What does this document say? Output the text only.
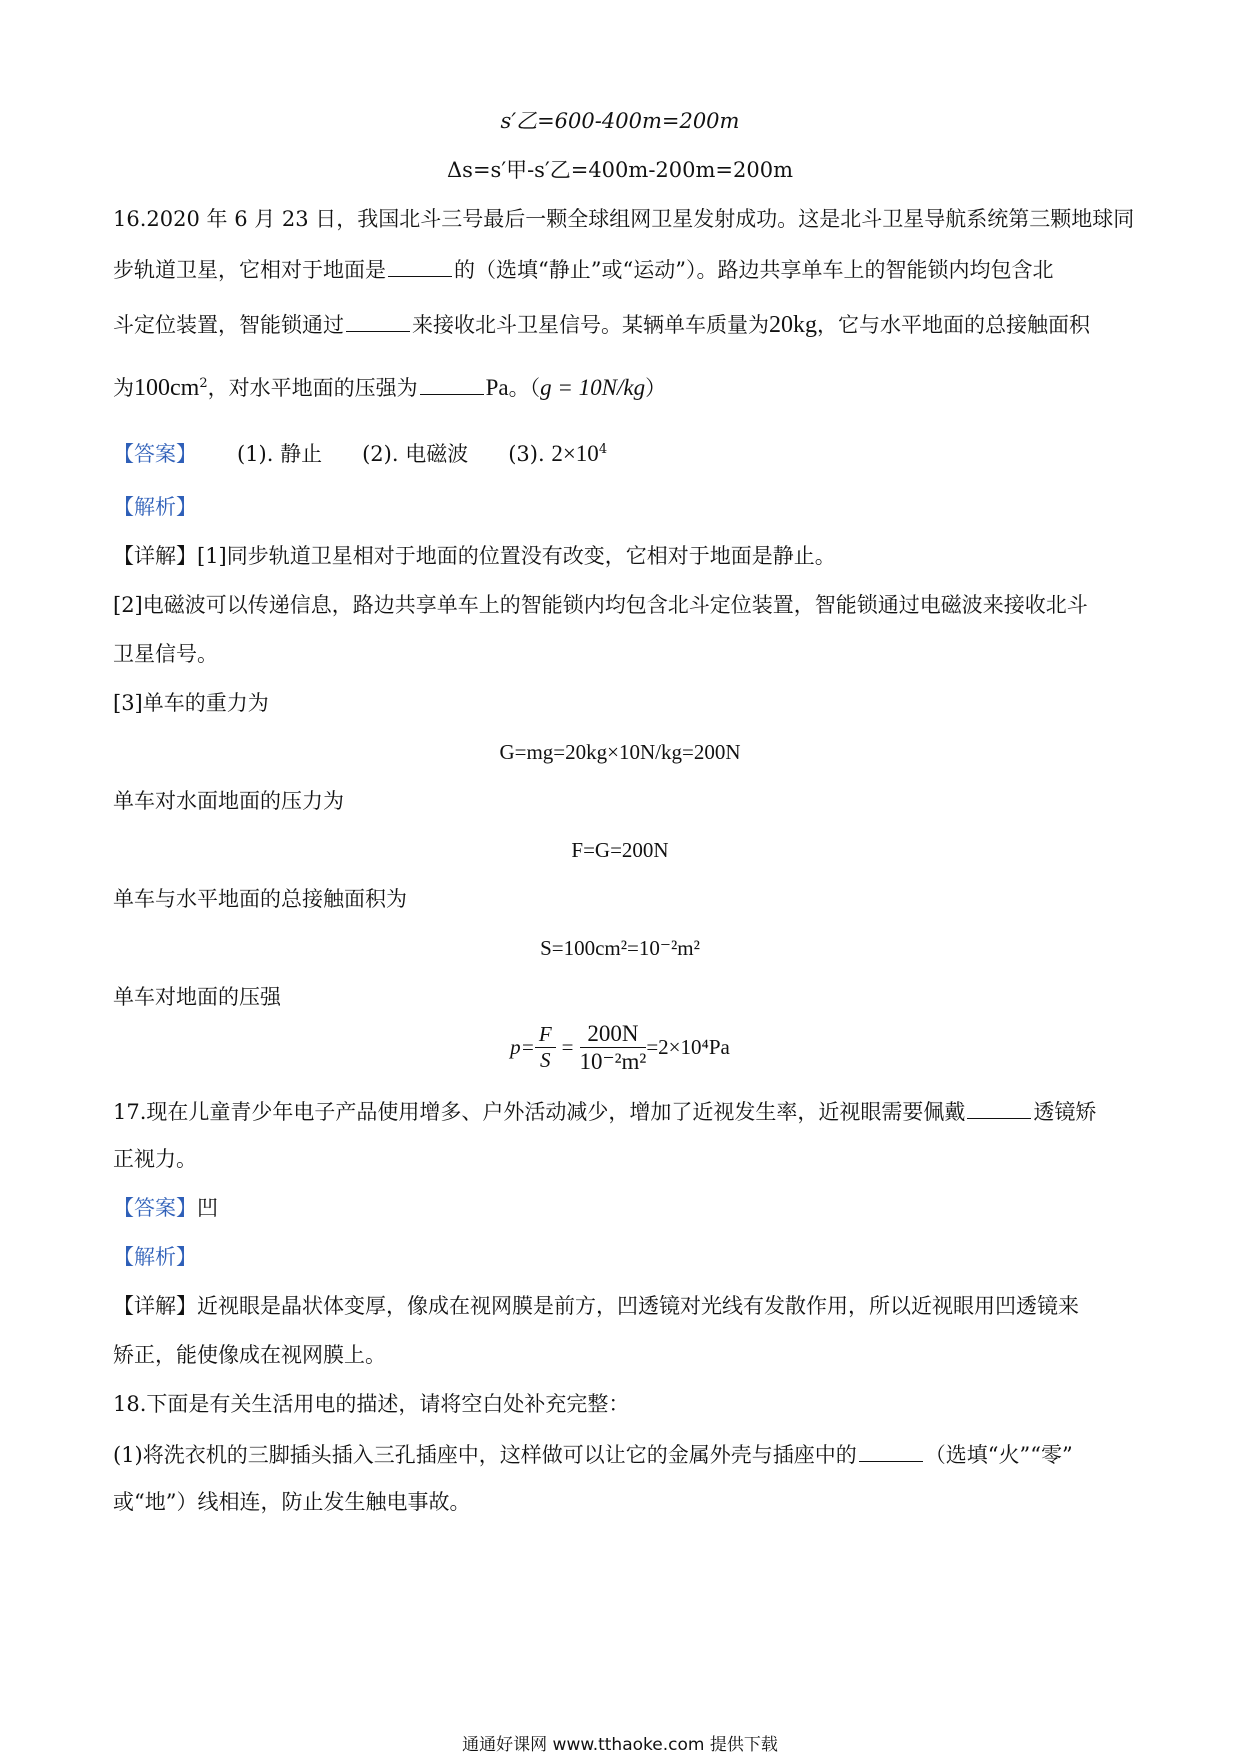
s′乙=600-400m=200m
Δs=s′甲-s′乙=400m-200m=200m
16.2020 年 6 月 23 日，我国北斗三号最后一颗全球组网卫星发射成功。这是北斗卫星导航系统第三颗地球同
步轨道卫星，它相对于地面是	的（选填“静止”或“运动”）。路边共享单车上的智能锁内均包含北
斗定位装置，智能锁通过	来接收北斗卫星信号。某辆单车质量为20kg，它与水平地面的总接触面积
为$100cm^2$，对水平地面的压强为	Pa。（g = 10N/kg）
【答案】 (1). 静止 (2). 电磁波 (3). $2\times 10^4$
【解析】
【详解】[1]同步轨道卫星相对于地面的位置没有改变，它相对于地面是静止。
[2]电磁波可以传递信息，路边共享单车上的智能锁内均包含北斗定位装置，智能锁通过电磁波来接收北斗
卫星信号。
[3]单车的重力为
G=mg=20kg×10N/kg=200N
单车对水面地面的压力为
F=G=200N
单车与水平地面的总接触面积为
S=100cm²=10⁻²m²
单车对地面的压强
$p= \frac{F}{S} = \frac{200N}{\text{10⁻²m²}} =2\times 10^4Pa$
17.现在儿童青少年电子产品使用增多、户外活动减少，增加了近视发生率，近视眼需要佩戴	透镜矫
正视力。
【答案】凹
【解析】
【详解】近视眼是晶状体变厚，像成在视网膜是前方，凹透镜对光线有发散作用，所以近视眼用凹透镜来
矫正，能使像成在视网膜上。
18.下面是有关生活用电的描述，请将空白处补充完整：
(1)将洗衣机的三脚插头插入三孔插座中，这样做可以让它的金属外壳与插座中的	（选填“火”“零”
或“地”）线相连，防止发生触电事故。
通通好课网 www.tthaoke.com 提供下载
